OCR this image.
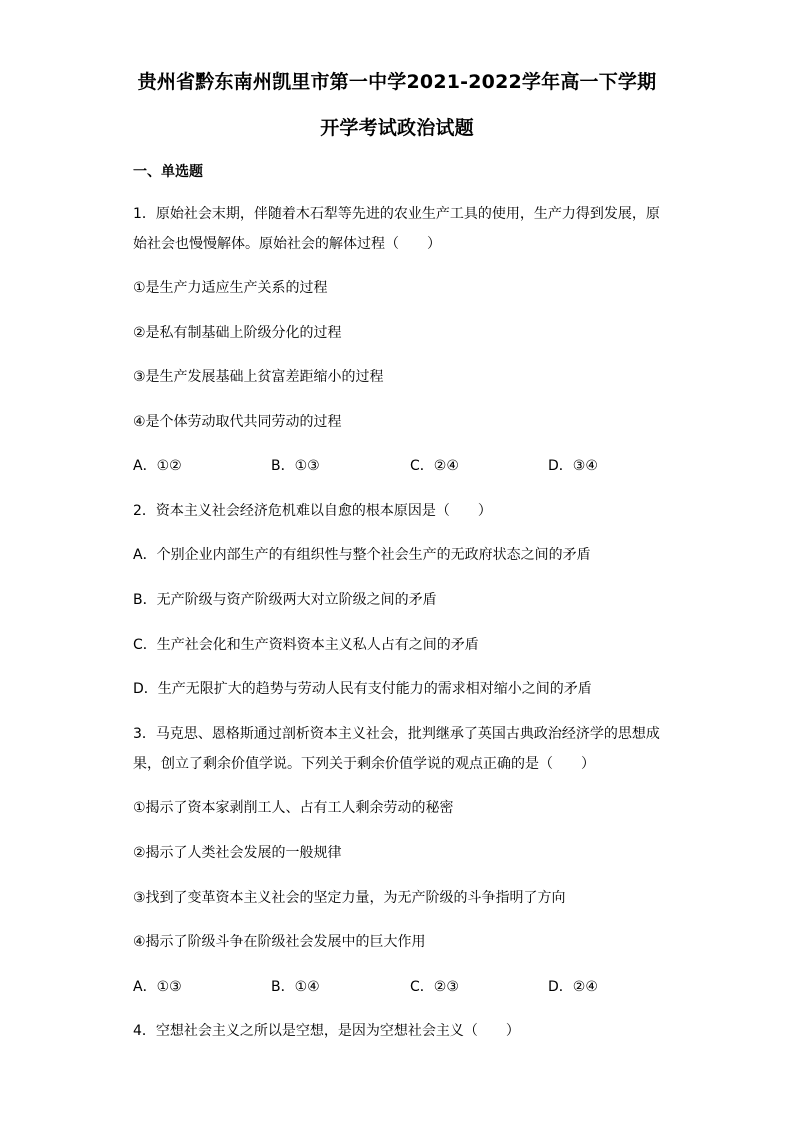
贵州省黔东南州凯里市第一中学2021-2022学年高一下学期
开学考试政治试题
一、单选题
1．原始社会末期，伴随着木石犁等先进的农业生产工具的使用，生产力得到发展，原
始社会也慢慢解体。原始社会的解体过程（　　）
①是生产力适应生产关系的过程
②是私有制基础上阶级分化的过程
③是生产发展基础上贫富差距缩小的过程
④是个体劳动取代共同劳动的过程
A．①②	B．①③	C．②④	D．③④
2．资本主义社会经济危机难以自愈的根本原因是（　　）
A．个别企业内部生产的有组织性与整个社会生产的无政府状态之间的矛盾
B．无产阶级与资产阶级两大对立阶级之间的矛盾
C．生产社会化和生产资料资本主义私人占有之间的矛盾
D．生产无限扩大的趋势与劳动人民有支付能力的需求相对缩小之间的矛盾
3．马克思、恩格斯通过剖析资本主义社会，批判继承了英国古典政治经济学的思想成
果，创立了剩余价值学说。下列关于剩余价值学说的观点正确的是（　　）
①揭示了资本家剥削工人、占有工人剩余劳动的秘密
②揭示了人类社会发展的一般规律
③找到了变革资本主义社会的坚定力量，为无产阶级的斗争指明了方向
④揭示了阶级斗争在阶级社会发展中的巨大作用
A．①③	B．①④	C．②③	D．②④
4．空想社会主义之所以是空想，是因为空想社会主义（　　）
